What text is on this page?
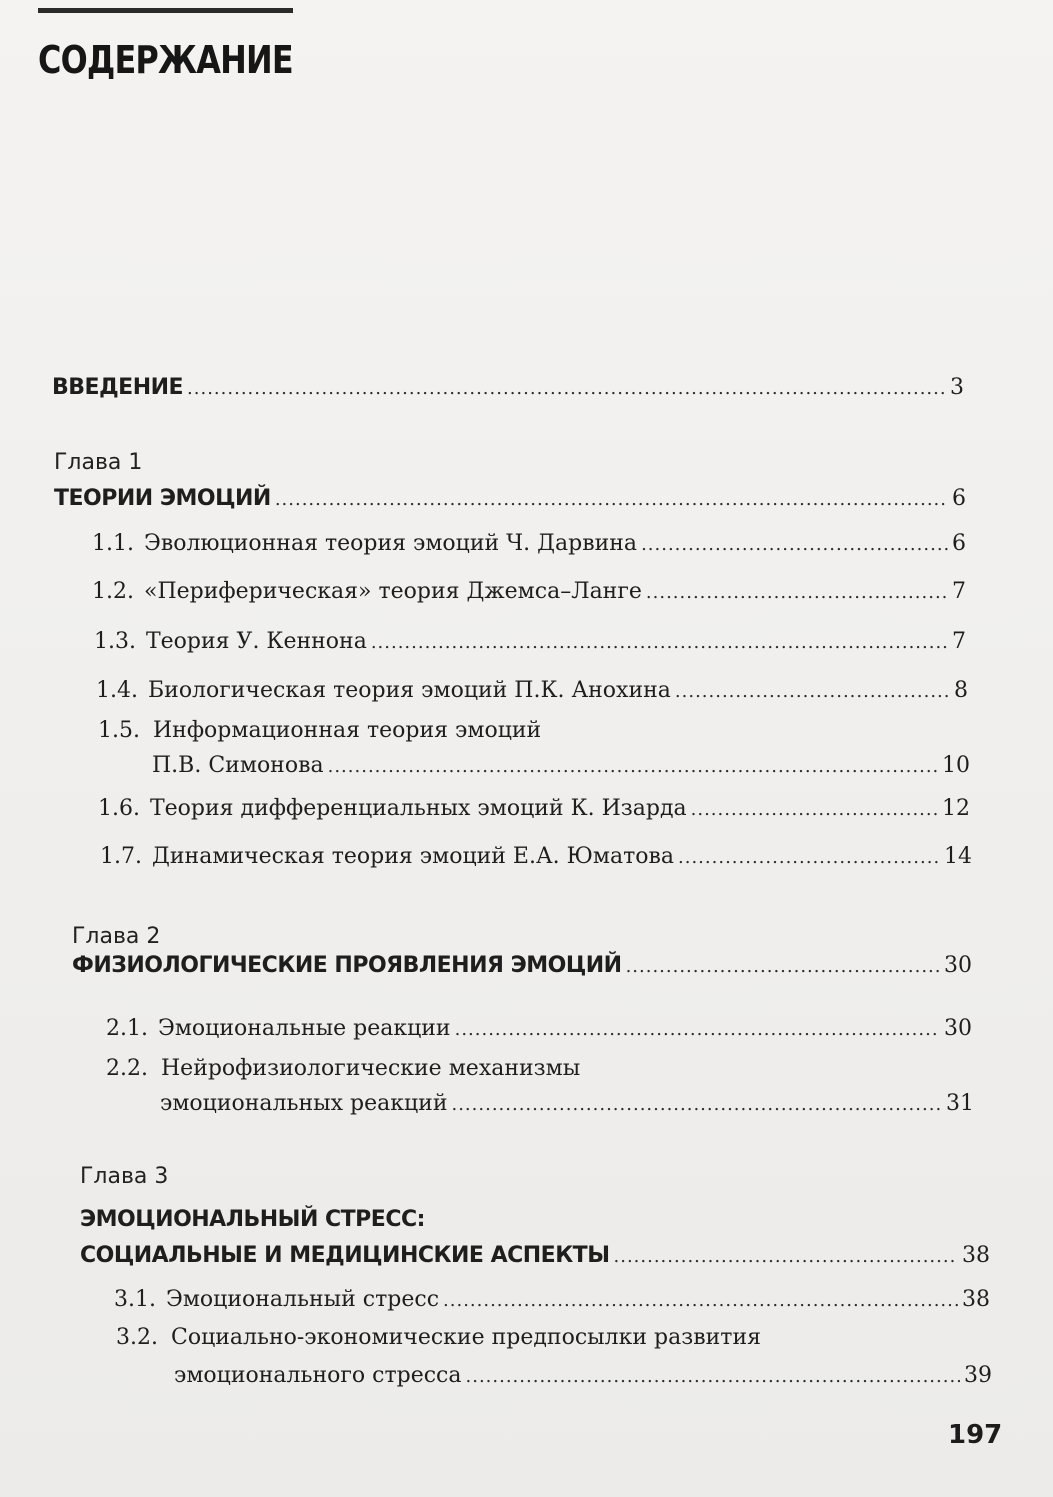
СОДЕРЖАНИЕ
ВВЕДЕНИЕ .....	3
Глава 1
ТЕОРИИ ЭМОЦИЙ .....	6
1.1. Эволюционная теория эмоций Ч. Дарвина .....	6
1.2. «Периферическая» теория Джемса–Ланге .....	7
1.3. Теория У. Кеннона .....	7
1.4. Биологическая теория эмоций П.К. Анохина .....	8
1.5. Информационная теория эмоций
П.В. Симонова .....	10
1.6. Теория дифференциальных эмоций К. Изарда .....	12
1.7. Динамическая теория эмоций Е.А. Юматова .....	14
Глава 2
ФИЗИОЛОГИЧЕСКИЕ ПРОЯВЛЕНИЯ ЭМОЦИЙ .....	30
2.1. Эмоциональные реакции .....	30
2.2. Нейрофизиологические механизмы
эмоциональных реакций .....	31
Глава 3
ЭМОЦИОНАЛЬНЫЙ СТРЕСС:
СОЦИАЛЬНЫЕ И МЕДИЦИНСКИЕ АСПЕКТЫ .....	38
3.1. Эмоциональный стресс .....	38
3.2. Социально-экономические предпосылки развития
эмоционального стресса .....	39
197
